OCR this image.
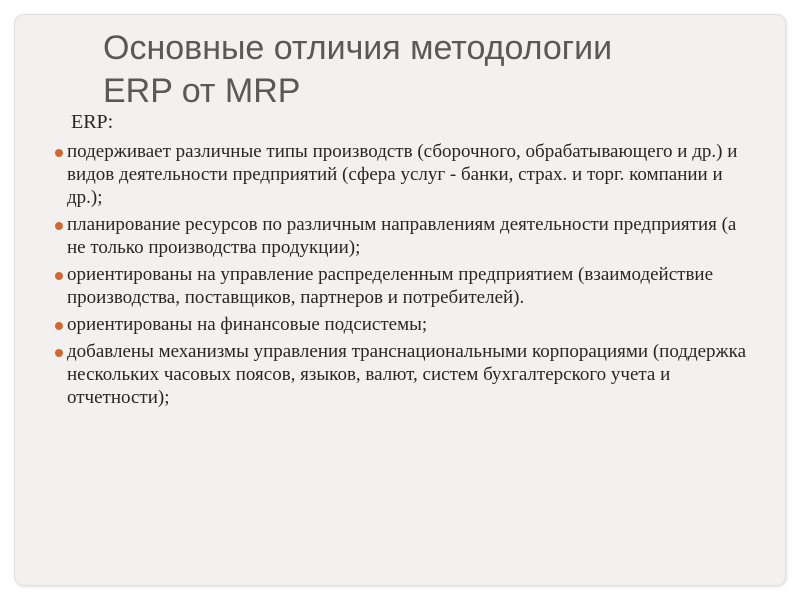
Основные отличия методологии
ERP от MRP
ERP:
подерживает различные типы производств (сборочного, обрабатывающего и др.) и видов деятельности предприятий (сфера услуг - банки, страх. и торг. компании и др.);
планирование ресурсов по различным направлениям деятельности предприятия (а не только производства продукции);
ориентированы на управление распределенным предприятием (взаимодействие производства, поставщиков, партнеров и потребителей).
ориентированы на финансовые подсистемы;
добавлены механизмы управления транснациональными корпорациями (поддержка нескольких часовых поясов, языков, валют, систем бухгалтерского учета и отчетности);
